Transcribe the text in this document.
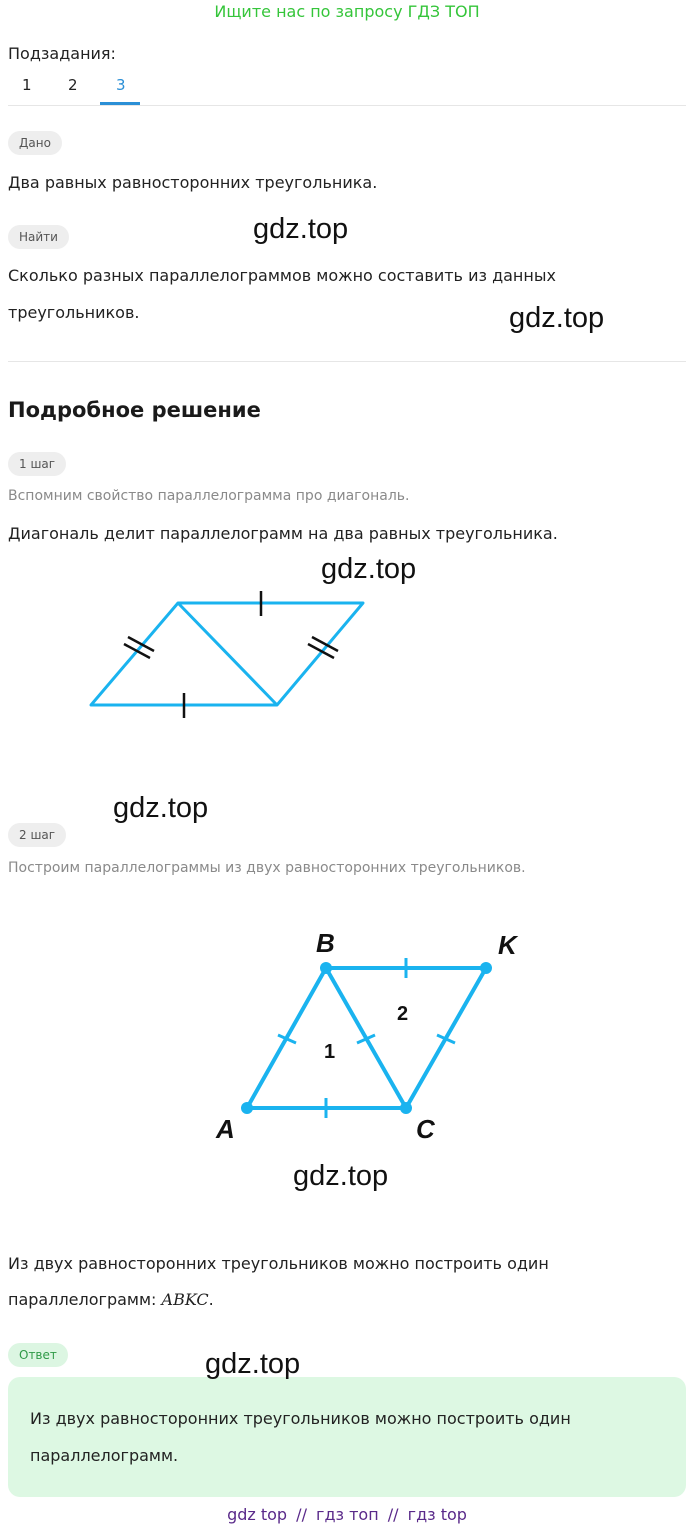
Ищите нас по запросу ГДЗ ТОП
Подзадания:
1 2	3
Дано
Два равных равносторонних треугольника.
Найти
Сколько разных параллелограммов можно составить из данных
треугольников.
Подробное решение
1 шаг
Вспомним свойство параллелограмма про диагональ.
Диагональ делит параллелограмм на два равных треугольника.
2 шаг
Построим параллелограммы из двух равносторонних треугольников.
A
B	K
C
1
2
Из двух равносторонних треугольников можно построить один
параллелограмм: ABKC.
Ответ
Из двух равносторонних треугольников можно построить один
параллелограмм.
gdz.top
gdz.top
gdz.top
gdz.top
gdz.top
gdz.top
gdz top // гдз топ // гдз top
